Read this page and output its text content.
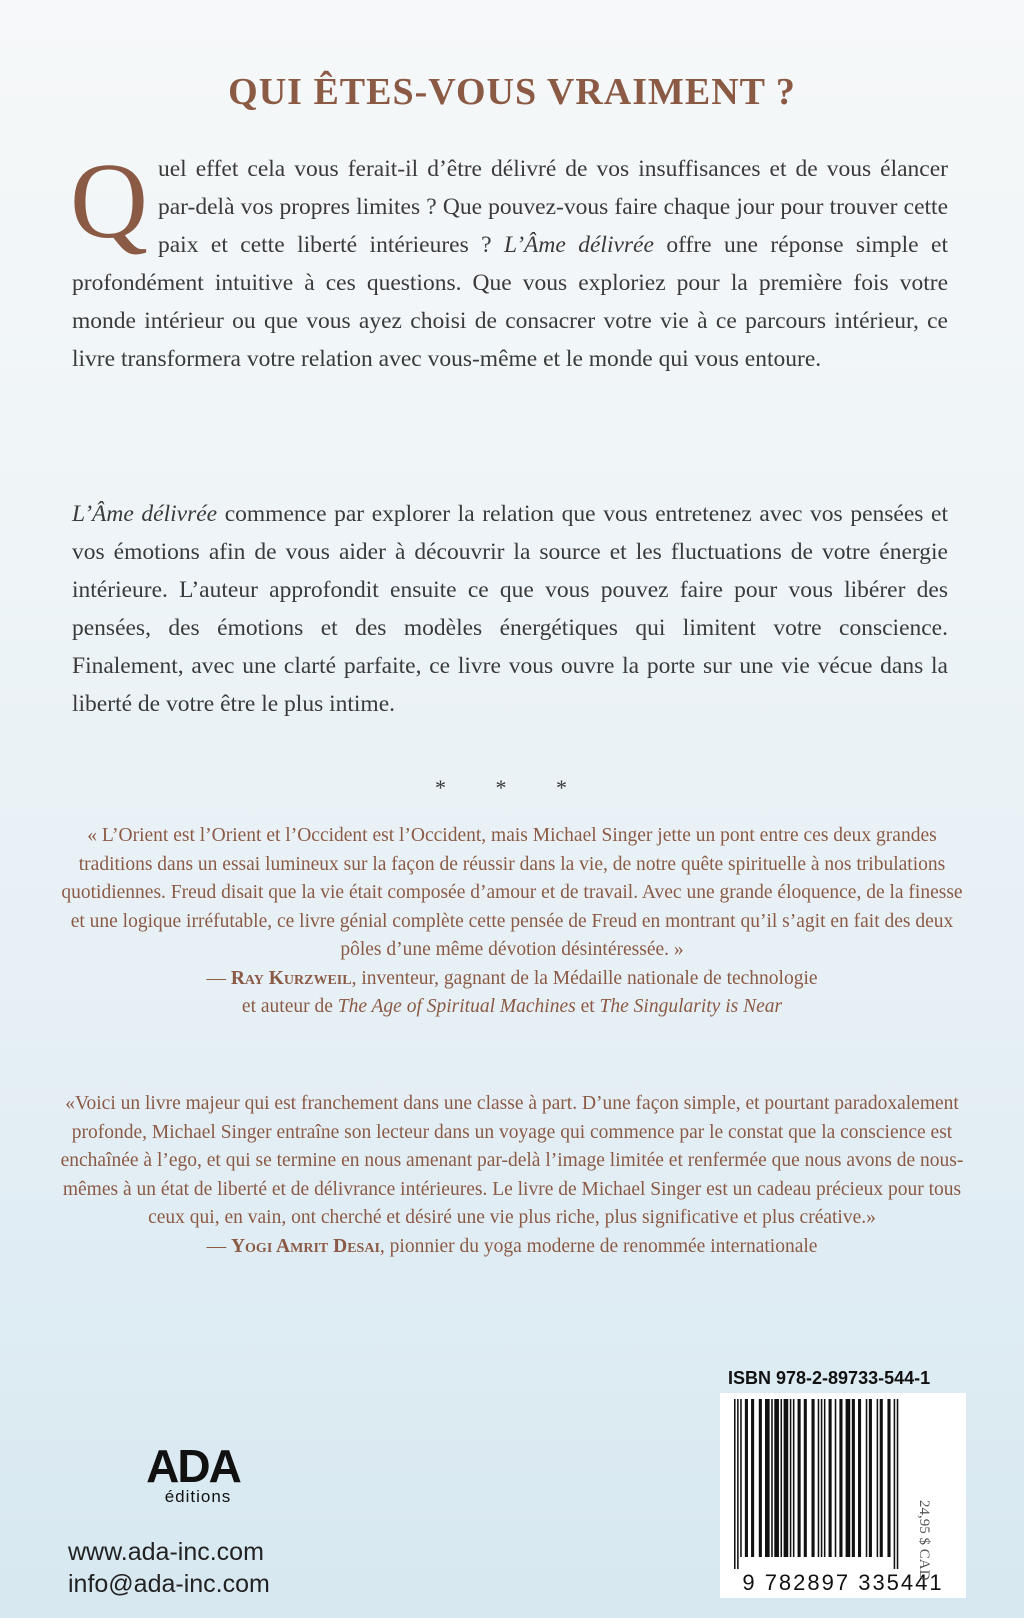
QUI ÊTES-VOUS VRAIMENT ?
Quel effet cela vous ferait-il d’être délivré de vos insuffisances et de vous élancer par-delà vos propres limites ? Que pouvez-vous faire chaque jour pour trouver cette paix et cette liberté intérieures ? L’Âme délivrée offre une réponse simple et profondément intuitive à ces questions. Que vous exploriez pour la première fois votre monde intérieur ou que vous ayez choisi de consacrer votre vie à ce parcours intérieur, ce livre transformera votre relation avec vous-même et le monde qui vous entoure.
L’Âme délivrée commence par explorer la relation que vous entretenez avec vos pensées et vos émotions afin de vous aider à découvrir la source et les fluctuations de votre énergie intérieure. L’auteur approfondit ensuite ce que vous pouvez faire pour vous libérer des pensées, des émotions et des modèles énergétiques qui limitent votre conscience. Finalement, avec une clarté parfaite, ce livre vous ouvre la porte sur une vie vécue dans la liberté de votre être le plus intime.
* * *
« L’Orient est l’Orient et l’Occident est l’Occident, mais Michael Singer jette un pont entre ces deux grandes traditions dans un essai lumineux sur la façon de réussir dans la vie, de notre quête spirituelle à nos tribulations quotidiennes. Freud disait que la vie était composée d’amour et de travail. Avec une grande éloquence, de la finesse et une logique irréfutable, ce livre génial complète cette pensée de Freud en montrant qu’il s’agit en fait des deux pôles d’une même dévotion désintéressée. »
— Ray Kurzweil, inventeur, gagnant de la Médaille nationale de technologie
et auteur de The Age of Spiritual Machines et The Singularity is Near
«Voici un livre majeur qui est franchement dans une classe à part. D’une façon simple, et pourtant paradoxalement profonde, Michael Singer entraîne son lecteur dans un voyage qui commence par le constat que la conscience est enchaînée à l’ego, et qui se termine en nous amenant par-delà l’image limitée et renfermée que nous avons de nous-mêmes à un état de liberté et de délivrance intérieures. Le livre de Michael Singer est un cadeau précieux pour tous ceux qui, en vain, ont cherché et désiré une vie plus riche, plus significative et plus créative.»
— Yogi Amrit Desai, pionnier du yoga moderne de renommée internationale
ADA
éditions
www.ada-inc.com
info@ada-inc.com
ISBN 978-2-89733-544-1
9 782897 335441
24,95 $ CAD
